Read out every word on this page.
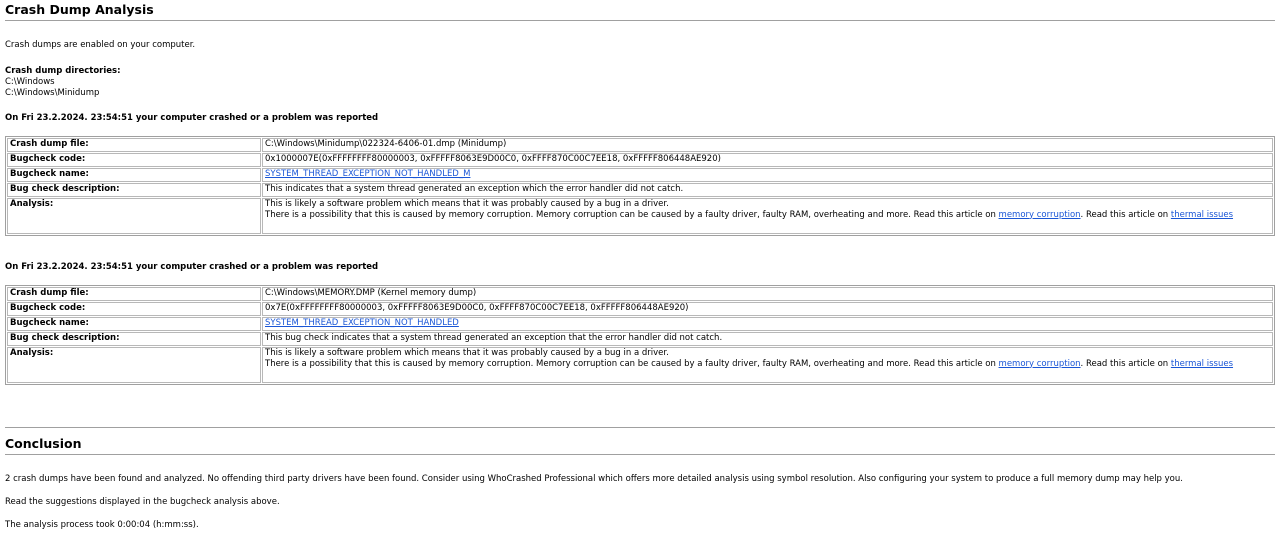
Crash Dump Analysis

Crash dumps are enabled on your computer.

Crash dump directories:

C:\Windows

C:\Windows\Minidump

On Fri 23.2.2024. 23:54:51 your computer crashed or a problem was reported

Crash dump file:	C:\Windows\Minidump\022324-6406-01.dmp (Minidump)
Bugcheck code:	0x1000007E(0xFFFFFFFF80000003, 0xFFFFF8063E9D00C0, 0xFFFF870C00C7EE18, 0xFFFFF806448AE920)
Bugcheck name:	SYSTEM_THREAD_EXCEPTION_NOT_HANDLED_M
Bug check description:	This indicates that a system thread generated an exception which the error handler did not catch.
Analysis:	This is likely a software problem which means that it was probably caused by a bug in a driver.
There is a possibility that this is caused by memory corruption. Memory corruption can be caused by a faulty driver, faulty RAM, overheating and more. Read this article on memory corruption. Read this article on thermal issues

On Fri 23.2.2024. 23:54:51 your computer crashed or a problem was reported

Crash dump file:	C:\Windows\MEMORY.DMP (Kernel memory dump)
Bugcheck code:	0x7E(0xFFFFFFFF80000003, 0xFFFFF8063E9D00C0, 0xFFFF870C00C7EE18, 0xFFFFF806448AE920)
Bugcheck name:	SYSTEM_THREAD_EXCEPTION_NOT_HANDLED
Bug check description:	This bug check indicates that a system thread generated an exception that the error handler did not catch.
Analysis:	This is likely a software problem which means that it was probably caused by a bug in a driver.
There is a possibility that this is caused by memory corruption. Memory corruption can be caused by a faulty driver, faulty RAM, overheating and more. Read this article on memory corruption. Read this article on thermal issues
Conclusion

2 crash dumps have been found and analyzed. No offending third party drivers have been found. Consider using WhoCrashed Professional which offers more detailed analysis using symbol resolution. Also configuring your system to produce a full memory dump may help you.

Read the suggestions displayed in the bugcheck analysis above.

The analysis process took 0:00:04 (h:mm:ss).
